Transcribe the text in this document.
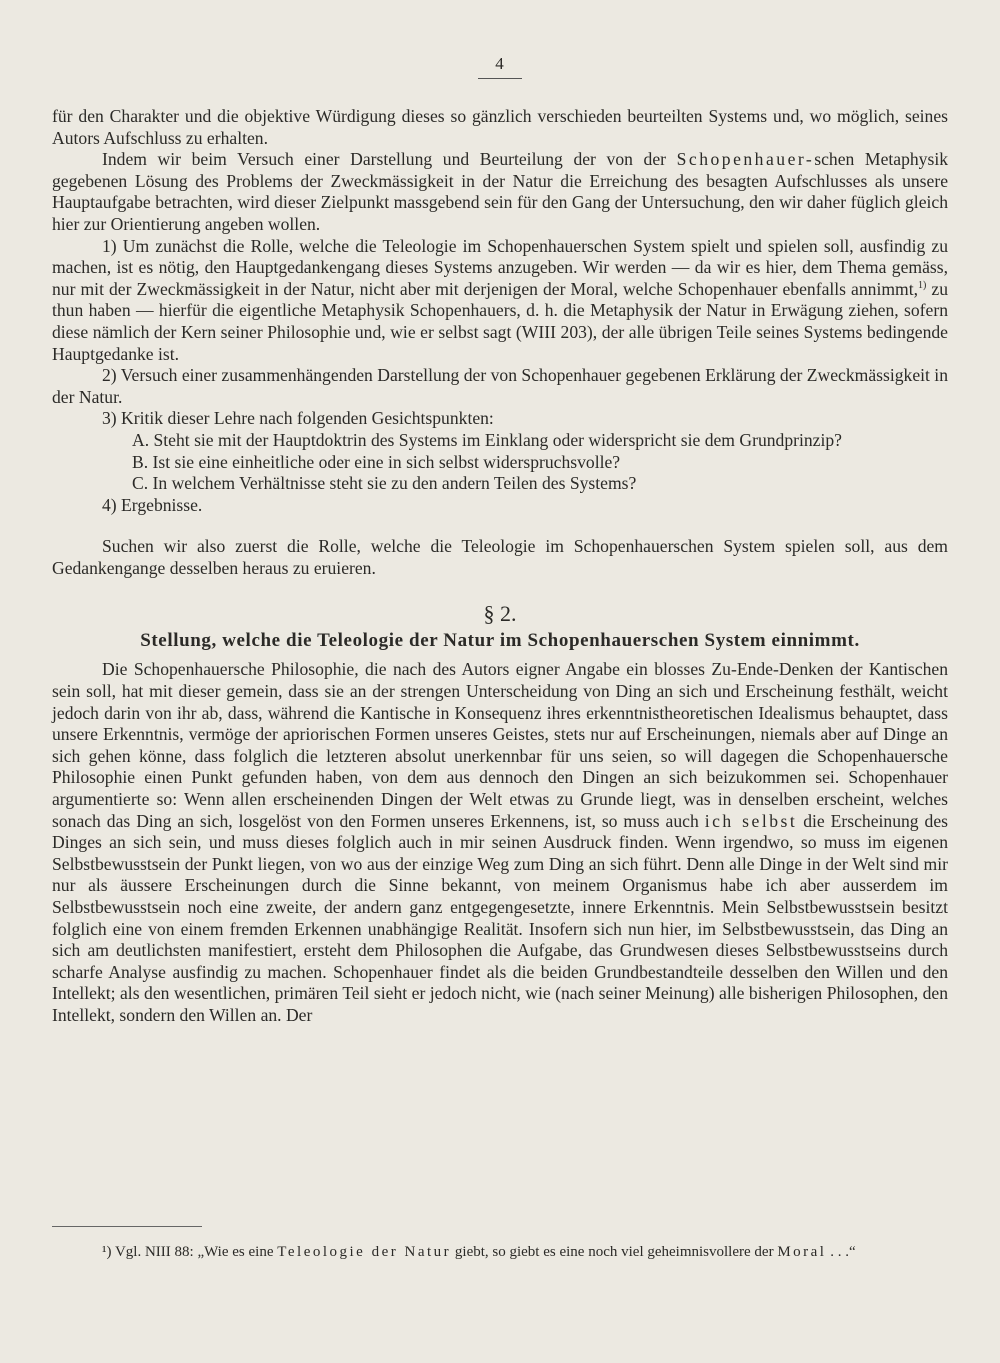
4

für den Charakter und die objektive Würdigung dieses so gänzlich verschieden beurteilten Systems und, wo möglich, seines Autors Aufschluss zu erhalten.

Indem wir beim Versuch einer Darstellung und Beurteilung der von der Schopenhauer-schen Metaphysik gegebenen Lösung des Problems der Zweckmässigkeit in der Natur die Erreichung des besagten Aufschlusses als unsere Hauptaufgabe betrachten, wird dieser Zielpunkt massgebend sein für den Gang der Untersuchung, den wir daher füglich gleich hier zur Orientierung angeben wollen.

1) Um zunächst die Rolle, welche die Teleologie im Schopenhauerschen System spielt und spielen soll, ausfindig zu machen, ist es nötig, den Hauptgedankengang dieses Systems anzugeben. Wir werden — da wir es hier, dem Thema gemäss, nur mit der Zweckmässigkeit in der Natur, nicht aber mit derjenigen der Moral, welche Schopenhauer ebenfalls annimmt,$^{1)}$ zu thun haben — hierfür die eigentliche Metaphysik Schopenhauers, d. h. die Metaphysik der Natur in Erwägung ziehen, sofern diese nämlich der Kern seiner Philosophie und, wie er selbst sagt (WIII 203), der alle übrigen Teile seines Systems bedingende Hauptgedanke ist.

2) Versuch einer zusammenhängenden Darstellung der von Schopenhauer gegebenen Erklärung der Zweckmässigkeit in der Natur.

3) Kritik dieser Lehre nach folgenden Gesichtspunkten:

A. Steht sie mit der Hauptdoktrin des Systems im Einklang oder widerspricht sie dem Grundprinzip?

B. Ist sie eine einheitliche oder eine in sich selbst widerspruchsvolle?

C. In welchem Verhältnisse steht sie zu den andern Teilen des Systems?

4) Ergebnisse.

Suchen wir also zuerst die Rolle, welche die Teleologie im Schopenhauerschen System spielen soll, aus dem Gedankengange desselben heraus zu eruieren.

§ 2.
Stellung, welche die Teleologie der Natur im Schopenhauerschen System einnimmt.

Die Schopenhauersche Philosophie, die nach des Autors eigner Angabe ein blosses Zu-Ende-Denken der Kantischen sein soll, hat mit dieser gemein, dass sie an der strengen Unterscheidung von Ding an sich und Erscheinung festhält, weicht jedoch darin von ihr ab, dass, während die Kantische in Konsequenz ihres erkenntnistheoretischen Idealismus behauptet, dass unsere Erkenntnis, vermöge der apriorischen Formen unseres Geistes, stets nur auf Erscheinungen, niemals aber auf Dinge an sich gehen könne, dass folglich die letzteren absolut unerkennbar für uns seien, so will dagegen die Schopenhauersche Philosophie einen Punkt gefunden haben, von dem aus dennoch den Dingen an sich beizukommen sei. Schopenhauer argumentierte so: Wenn allen erscheinenden Dingen der Welt etwas zu Grunde liegt, was in denselben erscheint, welches sonach das Ding an sich, losgelöst von den Formen unseres Erkennens, ist, so muss auch ich selbst die Erscheinung des Dinges an sich sein, und muss dieses folglich auch in mir seinen Ausdruck finden. Wenn irgendwo, so muss im eigenen Selbstbewusstsein der Punkt liegen, von wo aus der einzige Weg zum Ding an sich führt. Denn alle Dinge in der Welt sind mir nur als äussere Erscheinungen durch die Sinne bekannt, von meinem Organismus habe ich aber ausserdem im Selbstbewusstsein noch eine zweite, der andern ganz entgegengesetzte, innere Erkenntnis. Mein Selbstbewusstsein besitzt folglich eine von einem fremden Erkennen unabhängige Realität. Insofern sich nun hier, im Selbstbewusstsein, das Ding an sich am deutlichsten manifestiert, ersteht dem Philosophen die Aufgabe, das Grundwesen dieses Selbstbewusstseins durch scharfe Analyse ausfindig zu machen. Schopenhauer findet als die beiden Grundbestandteile desselben den Willen und den Intellekt; als den wesentlichen, primären Teil sieht er jedoch nicht, wie (nach seiner Meinung) alle bisherigen Philosophen, den Intellekt, sondern den Willen an. Der

¹) Vgl. NIII 88: „Wie es eine Teleologie der Natur giebt, so giebt es eine noch viel geheimnisvollere der Moral . . .“
